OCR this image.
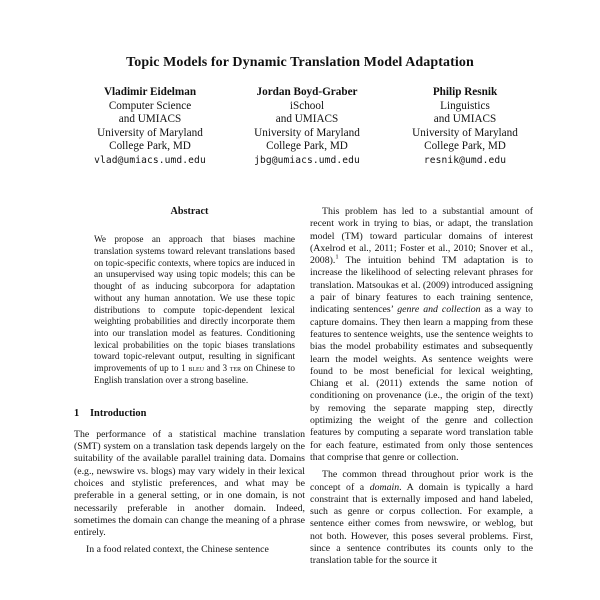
Topic Models for Dynamic Translation Model Adaptation
Vladimir Eidelman
Computer Science
and UMIACS
University of Maryland
College Park, MD
vlad@umiacs.umd.edu
Jordan Boyd-Graber
iSchool
and UMIACS
University of Maryland
College Park, MD
jbg@umiacs.umd.edu
Philip Resnik
Linguistics
and UMIACS
University of Maryland
College Park, MD
resnik@umd.edu
Abstract

We propose an approach that biases machine translation systems toward relevant translations based on topic-specific contexts, where topics are induced in an unsupervised way using topic models; this can be thought of as inducing subcorpora for adaptation without any human annotation. We use these topic distributions to compute topic-dependent lexical weighting probabilities and directly incorporate them into our translation model as features. Conditioning lexical probabilities on the topic biases translations toward topic-relevant output, resulting in significant improvements of up to 1 bleu and 3 ter on Chinese to English translation over a strong baseline.

1 Introduction

The performance of a statistical machine translation (SMT) system on a translation task depends largely on the suitability of the available parallel training data. Domains (e.g., newswire vs. blogs) may vary widely in their lexical choices and stylistic preferences, and what may be preferable in a general setting, or in one domain, is not necessarily preferable in another domain. Indeed, sometimes the domain can change the meaning of a phrase entirely.

In a food related context, the Chinese sentence

This problem has led to a substantial amount of recent work in trying to bias, or adapt, the translation model (TM) toward particular domains of interest (Axelrod et al., 2011; Foster et al., 2010; Snover et al., 2008).$^1$ The intuition behind TM adaptation is to increase the likelihood of selecting relevant phrases for translation. Matsoukas et al. (2009) introduced assigning a pair of binary features to each training sentence, indicating sentences’ genre and collection as a way to capture domains. They then learn a mapping from these features to sentence weights, use the sentence weights to bias the model probability estimates and subsequently learn the model weights. As sentence weights were found to be most beneficial for lexical weighting, Chiang et al. (2011) extends the same notion of conditioning on provenance (i.e., the origin of the text) by removing the separate mapping step, directly optimizing the weight of the genre and collection features by computing a separate word translation table for each feature, estimated from only those sentences that comprise that genre or collection.

The common thread throughout prior work is the concept of a domain. A domain is typically a hard constraint that is externally imposed and hand labeled, such as genre or corpus collection. For example, a sentence either comes from newswire, or weblog, but not both. However, this poses several problems. First, since a sentence contributes its counts only to the translation table for the source it
